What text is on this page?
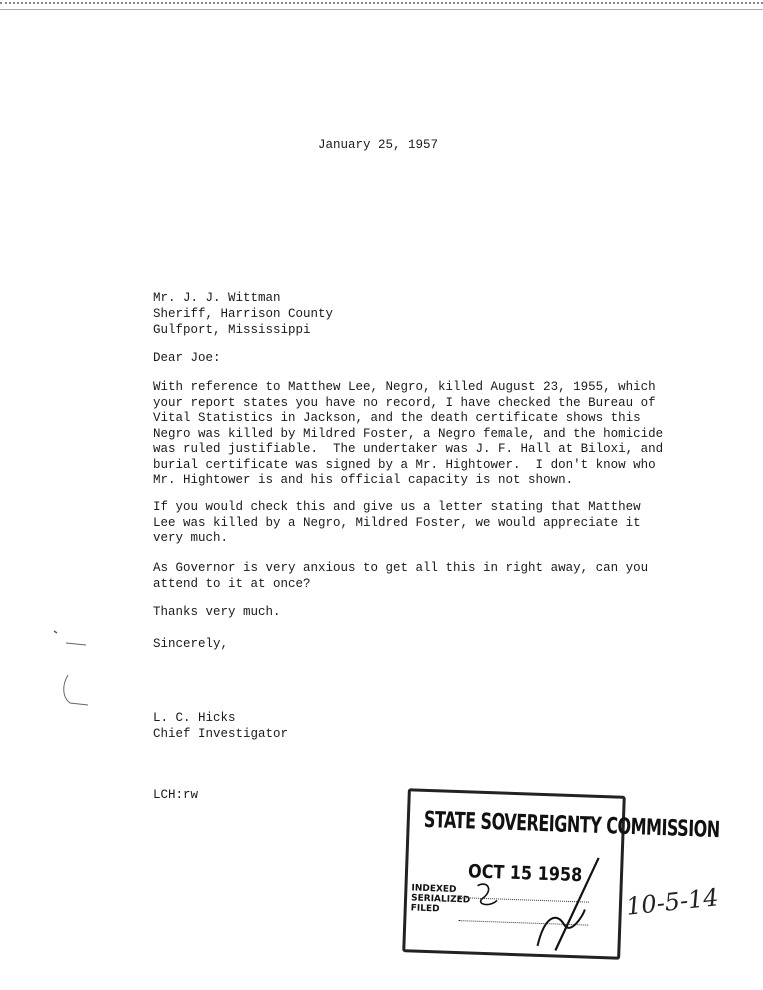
January 25, 1957
Mr. J. J. Wittman
Sheriff, Harrison County
Gulfport, Mississippi
Dear Joe:

With reference to Matthew Lee, Negro, killed August 23, 1955, which
your report states you have no record, I have checked the Bureau of
Vital Statistics in Jackson, and the death certificate shows this
Negro was killed by Mildred Foster, a Negro female, and the homicide
was ruled justifiable.  The undertaker was J. F. Hall at Biloxi, and
burial certificate was signed by a Mr. Hightower.  I don't know who
Mr. Hightower is and his official capacity is not shown.

If you would check this and give us a letter stating that Matthew
Lee was killed by a Negro, Mildred Foster, we would appreciate it
very much.

As Governor is very anxious to get all this in right away, can you
attend to it at once?

Thanks very much.

Sincerely,
L. C. Hicks
Chief Investigator
LCH:rw
STATE SOVEREIGNTY COMMISSION
OCT 15 1958
INDEXED
SERIALIZED
FILED	10-5-14
